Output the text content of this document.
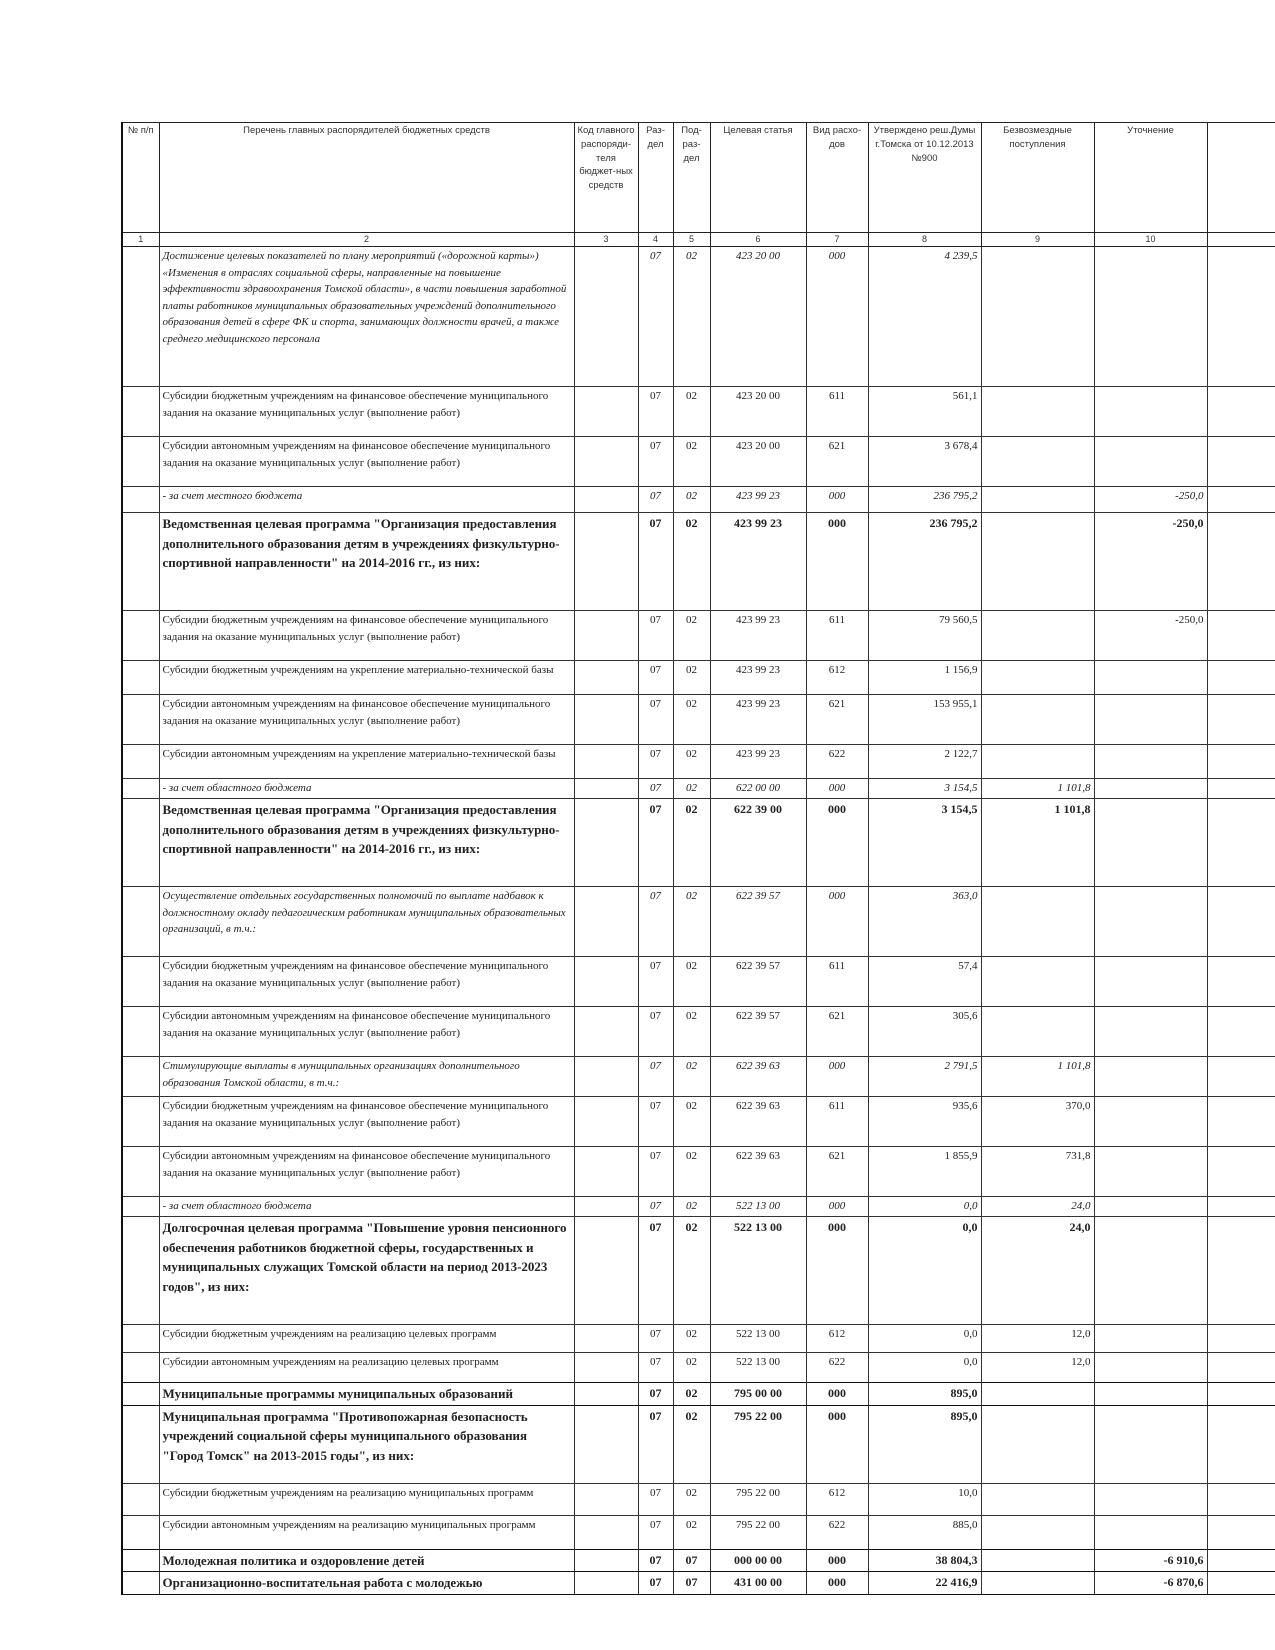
№ п/п	Перечень главных распорядителей бюджетных средств	Код главного распоряди-теля бюджет-ных средств	Раз-дел	Под-раз-дел	Целевая статья	Вид расхо-дов	Утверждено реш.Думы г.Томска от 10.12.2013 №900	Безвозмездные поступления	Уточнение	
1	2	3	4	5	6	7	8	9	10	
	Достижение целевых показателей по плану мероприятий («дорожной карты») «Изменения в отраслях социальной сферы, направленные на повышение эффективности здравоохранения Томской области», в части повышения заработной платы работников муниципальных образовательных учреждений дополнительного образования детей в сфере ФК и спорта, занимающих должности врачей, а также среднего медицинского персонала		07	02	423 20 00	000	4 239,5			
	Субсидии бюджетным учреждениям на финансовое обеспечение муниципального задания на оказание муниципальных услуг (выполнение работ)		07	02	423 20 00	611	561,1			
	Субсидии автономным учреждениям на финансовое обеспечение муниципального задания на оказание муниципальных услуг (выполнение работ)		07	02	423 20 00	621	3 678,4			
	- за счет местного бюджета		07	02	423 99 23	000	236 795,2		-250,0	
	Ведомственная целевая программа "Организация предоставления дополнительного образования детям в учреждениях физкультурно-спортивной направленности" на 2014-2016 гг., из них:		07	02	423 99 23	000	236 795,2		-250,0	
	Субсидии бюджетным учреждениям на финансовое обеспечение муниципального задания на оказание муниципальных услуг (выполнение работ)		07	02	423 99 23	611	79 560,5		-250,0	
	Субсидии бюджетным учреждениям на укрепление материально-технической базы		07	02	423 99 23	612	1 156,9			
	Субсидии автономным учреждениям на финансовое обеспечение муниципального задания на оказание муниципальных услуг (выполнение работ)		07	02	423 99 23	621	153 955,1			
	Субсидии автономным учреждениям на укрепление материально-технической базы		07	02	423 99 23	622	2 122,7			
	- за счет областного бюджета		07	02	622 00 00	000	3 154,5	1 101,8		
	Ведомственная целевая программа "Организация предоставления дополнительного образования детям в учреждениях физкультурно-спортивной направленности" на 2014-2016 гг., из них:		07	02	622 39 00	000	3 154,5	1 101,8		
	Осуществление отдельных государственных полномочий по выплате надбавок к должностному окладу педагогическим работникам муниципальных образовательных организаций, в т.ч.:		07	02	622 39 57	000	363,0			
	Субсидии бюджетным учреждениям на финансовое обеспечение муниципального задания на оказание муниципальных услуг (выполнение работ)		07	02	622 39 57	611	57,4			
	Субсидии автономным учреждениям на финансовое обеспечение муниципального задания на оказание муниципальных услуг (выполнение работ)		07	02	622 39 57	621	305,6			
	Стимулирующие выплаты в муниципальных организациях дополнительного образования Томской области, в т.ч.:		07	02	622 39 63	000	2 791,5	1 101,8		
	Субсидии бюджетным учреждениям на финансовое обеспечение муниципального задания на оказание муниципальных услуг (выполнение работ)		07	02	622 39 63	611	935,6	370,0		
	Субсидии автономным учреждениям на финансовое обеспечение муниципального задания на оказание муниципальных услуг (выполнение работ)		07	02	622 39 63	621	1 855,9	731,8		
	- за счет областного бюджета		07	02	522 13 00	000	0,0	24,0		
	Долгосрочная целевая программа "Повышение уровня пенсионного обеспечения работников бюджетной сферы, государственных и муниципальных служащих Томской области на период 2013-2023 годов", из них:		07	02	522 13 00	000	0,0	24,0		
	Субсидии бюджетным учреждениям на реализацию целевых программ		07	02	522 13 00	612	0,0	12,0		
	Субсидии автономным учреждениям на реализацию целевых программ		07	02	522 13 00	622	0,0	12,0		
	Муниципальные программы муниципальных образований		07	02	795 00 00	000	895,0			
	Муниципальная программа "Противопожарная безопасность учреждений социальной сферы муниципального образования "Город Томск" на 2013-2015 годы", из них:		07	02	795 22 00	000	895,0			
	Субсидии бюджетным учреждениям на реализацию муниципальных программ		07	02	795 22 00	612	10,0			
	Субсидии автономным учреждениям на реализацию муниципальных программ		07	02	795 22 00	622	885,0			
	Молодежная политика и оздоровление детей		07	07	000 00 00	000	38 804,3		-6 910,6	
	Организационно-воспитательная работа с молодежью		07	07	431 00 00	000	22 416,9		-6 870,6	
